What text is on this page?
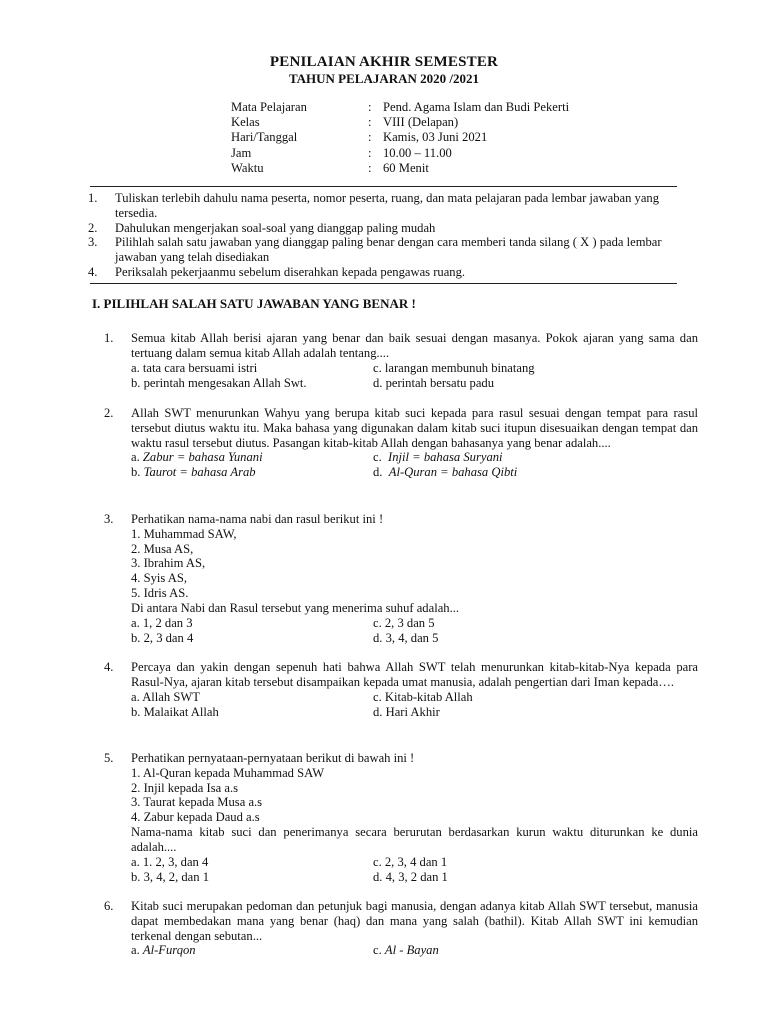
PENILAIAN AKHIR SEMESTER
TAHUN PELAJARAN 2020 /2021
Mata Pelajaran	: Pend. Agama Islam dan Budi Pekerti
Kelas	: VIII (Delapan)
Hari/Tanggal	: Kamis, 03 Juni 2021
Jam	: 10.00 – 11.00
Waktu	: 60 Menit
1. Tuliskan terlebih dahulu nama peserta, nomor peserta, ruang, dan mata pelajaran pada lembar jawaban yang tersedia.
2. Dahulukan mengerjakan soal-soal yang dianggap paling mudah
3. Pilihlah salah satu jawaban yang dianggap paling benar dengan cara memberi tanda silang ( X ) pada lembar jawaban yang telah disediakan
4. Periksalah pekerjaanmu sebelum diserahkan kepada pengawas ruang.
I. PILIHLAH SALAH SATU JAWABAN YANG BENAR !
1. Semua kitab Allah berisi ajaran yang benar dan baik sesuai dengan masanya. Pokok ajaran yang sama dan tertuang dalam semua kitab Allah adalah tentang....
a. tata cara bersuami istri	c. larangan membunuh binatang
b. perintah mengesakan Allah Swt.	d. perintah bersatu padu
2. Allah SWT menurunkan Wahyu yang berupa kitab suci kepada para rasul sesuai dengan tempat para rasul tersebut diutus waktu itu. Maka bahasa yang digunakan dalam kitab suci itupun disesuaikan dengan tempat dan waktu rasul tersebut diutus. Pasangan kitab-kitab Allah dengan bahasanya yang benar adalah....
a. Zabur = bahasa Yunani	c. Injil = bahasa Suryani
b. Taurot = bahasa Arab	d. Al-Quran = bahasa Qibti
3. Perhatikan nama-nama nabi dan rasul berikut ini !
1. Muhammad SAW,
2. Musa AS,
3. Ibrahim AS,
4. Syis AS,
5. Idris AS.
Di antara Nabi dan Rasul tersebut yang menerima suhuf adalah...
a. 1, 2 dan 3	c. 2, 3 dan 5
b. 2, 3 dan 4	d. 3, 4, dan 5
4. Percaya dan yakin dengan sepenuh hati bahwa Allah SWT telah menurunkan kitab-kitab-Nya kepada para Rasul-Nya, ajaran kitab tersebut disampaikan kepada umat manusia, adalah pengertian dari Iman kepada….
a. Allah SWT	c. Kitab-kitab Allah
b. Malaikat Allah	d. Hari Akhir
5. Perhatikan pernyataan-pernyataan berikut di bawah ini !
1. Al-Quran kepada Muhammad SAW
2. Injil kepada Isa a.s
3. Taurat kepada Musa a.s
4. Zabur kepada Daud a.s
Nama-nama kitab suci dan penerimanya secara berurutan berdasarkan kurun waktu diturunkan ke dunia adalah....
a. 1. 2, 3, dan 4	c. 2, 3, 4 dan 1
b. 3, 4, 2, dan 1	d. 4, 3, 2 dan 1
6. Kitab suci merupakan pedoman dan petunjuk bagi manusia, dengan adanya kitab Allah SWT tersebut, manusia dapat membedakan mana yang benar (haq) dan mana yang salah (bathil). Kitab Allah SWT ini kemudian terkenal dengan sebutan...
a. Al-Furqon	c. Al - Bayan
